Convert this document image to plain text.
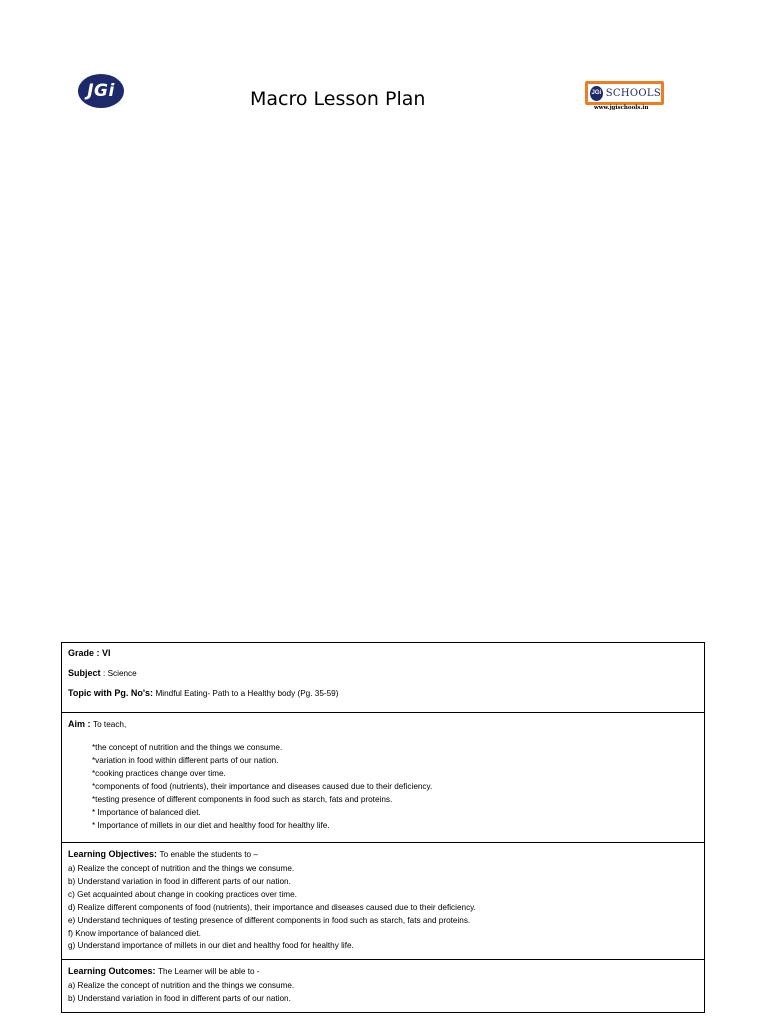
JGi	Macro Lesson Plan	JGi SCHOOLS
www.jgischools.in
Grade : VI
Subject : Science
Topic with Pg. No's: Mindful Eating- Path to a Healthy body (Pg. 35-59)
Aim : To teach,
*the concept of nutrition and the things we consume.
*variation in food within different parts of our nation.
*cooking practices change over time.
*components of food (nutrients), their importance and diseases caused due to their deficiency.
*testing presence of different components in food such as starch, fats and proteins.
* Importance of balanced diet.
* Importance of millets in our diet and healthy food for healthy life.
Learning Objectives: To enable the students to –
a) Realize the concept of nutrition and the things we consume.
b) Understand variation in food in different parts of our nation.
c) Get acquainted about change in cooking practices over time.
d) Realize different components of food (nutrients), their importance and diseases caused due to their deficiency.
e) Understand techniques of testing presence of different components in food such as starch, fats and proteins.
f) Know importance of balanced diet.
g) Understand importance of millets in our diet and healthy food for healthy life.
Learning Outcomes: The Learner will be able to -
a) Realize the concept of nutrition and the things we consume.
b) Understand variation in food in different parts of our nation.
